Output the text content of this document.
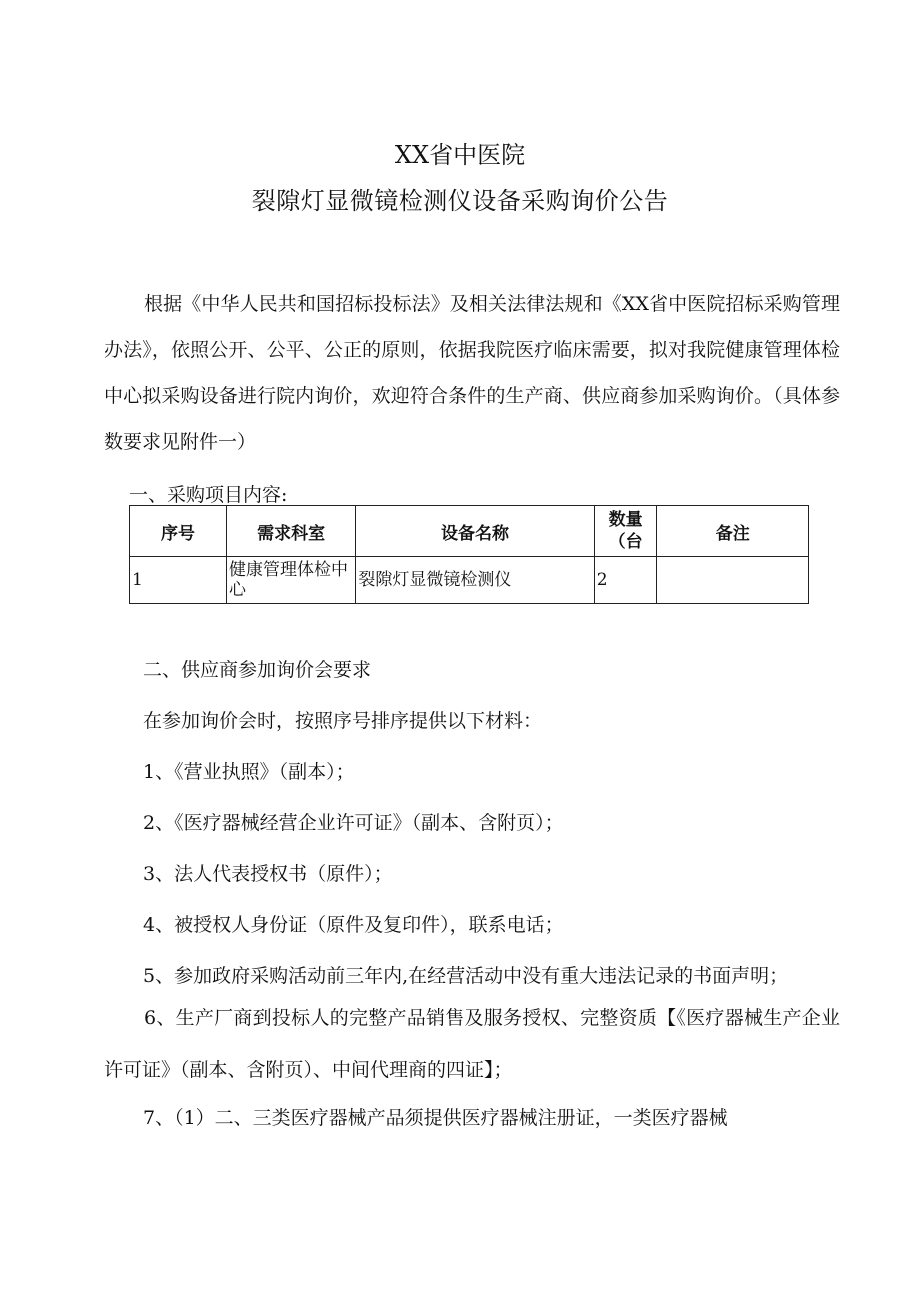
XX省中医院
裂隙灯显微镜检测仪设备采购询价公告
根据《中华人民共和国招标投标法》及相关法律法规和《XX省中医院招标采购管理办法》，依照公开、公平、公正的原则，依据我院医疗临床需要，拟对我院健康管理体检中心拟采购设备进行院内询价，欢迎符合条件的生产商、供应商参加采购询价。（具体参数要求见附件一）
一、采购项目内容:
序号	需求科室	设备名称	数量（台	备注
1	健康管理体检中心	裂隙灯显微镜检测仪	2	
二、供应商参加询价会要求
在参加询价会时，按照序号排序提供以下材料：
1、《营业执照》（副本）；
2、《医疗器械经营企业许可证》（副本、含附页）；
3、法人代表授权书（原件）；
4、被授权人身份证（原件及复印件），联系电话；
5、参加政府采购活动前三年内,在经营活动中没有重大违法记录的书面声明；
6、生产厂商到投标人的完整产品销售及服务授权、完整资质【《医疗器械生产企业许可证》（副本、含附页）、中间代理商的四证】；
7、（1）二、三类医疗器械产品须提供医疗器械注册证，一类医疗器械
